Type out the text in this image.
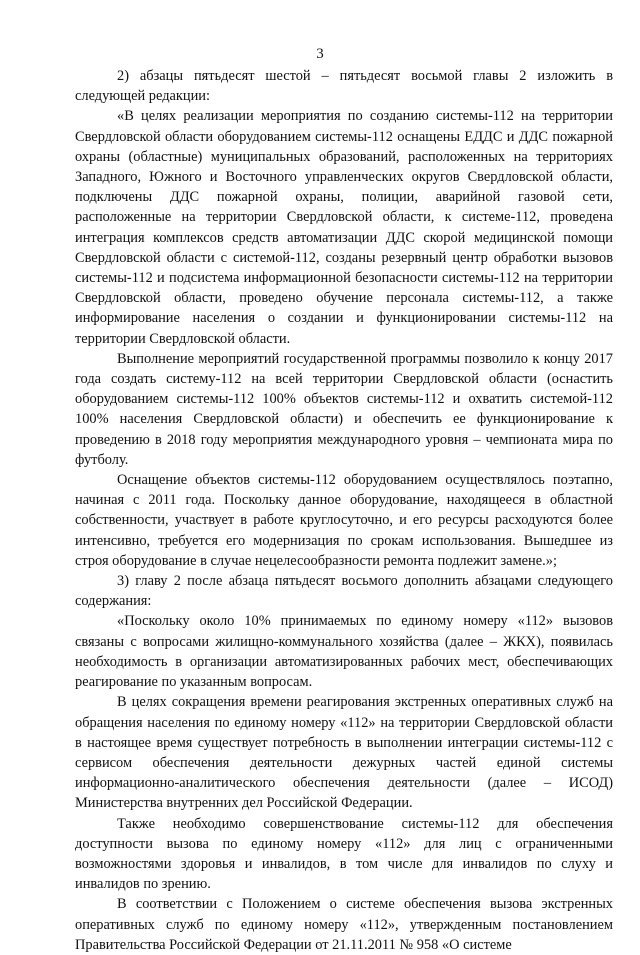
3

2) абзацы пятьдесят шестой – пятьдесят восьмой главы 2 изложить в следующей редакции:

«В целях реализации мероприятия по созданию системы-112 на территории Свердловской области оборудованием системы-112 оснащены ЕДДС и ДДС пожарной охраны (областные) муниципальных образований, расположенных на территориях Западного, Южного и Восточного управленческих округов Свердловской области, подключены ДДС пожарной охраны, полиции, аварийной газовой сети, расположенные на территории Свердловской области, к системе-112, проведена интеграция комплексов средств автоматизации ДДС скорой медицинской помощи Свердловской области с системой-112, созданы резервный центр обработки вызовов системы-112 и подсистема информационной безопасности системы-112 на территории Свердловской области, проведено обучение персонала системы-112, а также информирование населения о создании и функционировании системы-112 на территории Свердловской области.

Выполнение мероприятий государственной программы позволило к концу 2017 года создать систему-112 на всей территории Свердловской области (оснастить оборудованием системы-112 100% объектов системы-112 и охватить системой-112 100% населения Свердловской области) и обеспечить ее функционирование к проведению в 2018 году мероприятия международного уровня – чемпионата мира по футболу.

Оснащение объектов системы-112 оборудованием осуществлялось поэтапно, начиная с 2011 года. Поскольку данное оборудование, находящееся в областной собственности, участвует в работе круглосуточно, и его ресурсы расходуются более интенсивно, требуется его модернизация по срокам использования. Вышедшее из строя оборудование в случае нецелесообразности ремонта подлежит замене.»;

3) главу 2 после абзаца пятьдесят восьмого дополнить абзацами следующего содержания:

«Поскольку около 10% принимаемых по единому номеру «112» вызовов связаны с вопросами жилищно-коммунального хозяйства (далее – ЖКХ), появилась необходимость в организации автоматизированных рабочих мест, обеспечивающих реагирование по указанным вопросам.

В целях сокращения времени реагирования экстренных оперативных служб на обращения населения по единому номеру «112» на территории Свердловской области в настоящее время существует потребность в выполнении интеграции системы-112 с сервисом обеспечения деятельности дежурных частей единой системы информационно-аналитического обеспечения деятельности (далее – ИСОД) Министерства внутренних дел Российской Федерации.

Также необходимо совершенствование системы-112 для обеспечения доступности вызова по единому номеру «112» для лиц с ограниченными возможностями здоровья и инвалидов, в том числе для инвалидов по слуху и инвалидов по зрению.

В соответствии с Положением о системе обеспечения вызова экстренных оперативных служб по единому номеру «112», утвержденным постановлением Правительства Российской Федерации от 21.11.2011 № 958 «О системе
